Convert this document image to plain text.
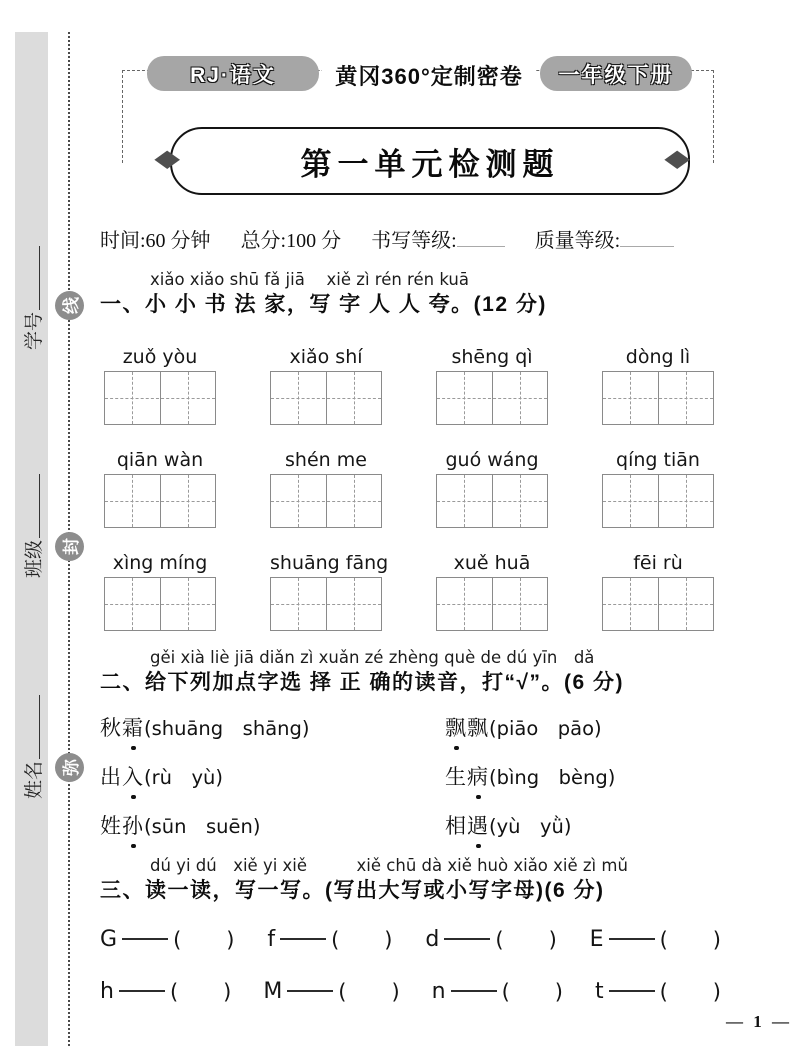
学号
班级
姓名
线
封
弥
RJ·语文	黄冈360°定制密卷	一年级下册
◆	◆
第一单元检测题
时间:60 分钟 总分:100 分 书写等级:	质量等级:
xiǎo xiǎo shū fǎ jiā　 xiě zì rén rén kuā
一、小 小 书 法 家，写 字 人 人 夸。(12 分)
zuǒ yòu	xiǎo shí	shēng qì	dòng lì
qiān wàn	shén me	guó wáng	qíng tiān
xìng míng	shuāng fāng	xuě huā	fēi rù
gěi xià liè jiā diǎn zì xuǎn zé zhèng què de dú yīn　dǎ
二、给下列加点字选 择 正 确的读音，打“√”。(6 分)
秋霜(shuāng　shāng)	飘飘(piāo　pāo)
出入(rù　yù)	生病(bìng　bèng)
姓孙(sūn　suēn)	相遇(yù　yǜ)
dú yi dú　xiě yi xiě　　　xiě chū dà xiě huò xiǎo xiě zì mǔ
三、读一读，写一写。(写出大写或小写字母)(6 分)
G	(　　) f	(　　) d	(　　) E	(　　)
h	(　　) M	(　　) n	(　　) t	(　　)
— 1 —
